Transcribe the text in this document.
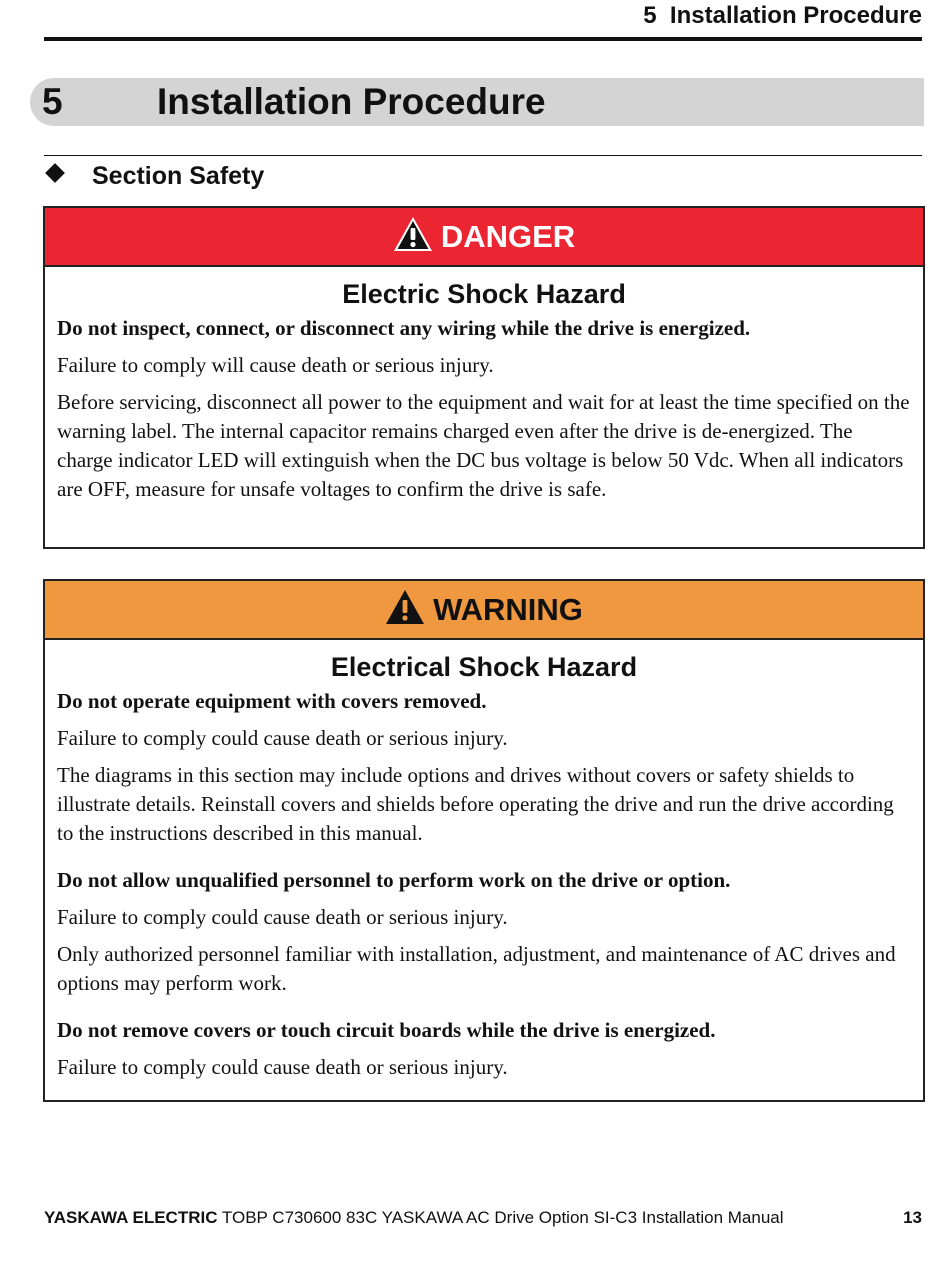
5  Installation Procedure
5	Installation Procedure
Section Safety
DANGER
Electric Shock Hazard

Do not inspect, connect, or disconnect any wiring while the drive is energized.

Failure to comply will cause death or serious injury.

Before servicing, disconnect all power to the equipment and wait for at least the time specified on the warning label. The internal capacitor remains charged even after the drive is de-energized. The charge indicator LED will extinguish when the DC bus voltage is below 50 Vdc. When all indicators are OFF, measure for unsafe voltages to confirm the drive is safe.

WARNING
Electrical Shock Hazard

Do not operate equipment with covers removed.

Failure to comply could cause death or serious injury.

The diagrams in this section may include options and drives without covers or safety shields to illustrate details. Reinstall covers and shields before operating the drive and run the drive according to the instructions described in this manual.

Do not allow unqualified personnel to perform work on the drive or option.

Failure to comply could cause death or serious injury.

Only authorized personnel familiar with installation, adjustment, and maintenance of AC drives and options may perform work.

Do not remove covers or touch circuit boards while the drive is energized.

Failure to comply could cause death or serious injury.

YASKAWA ELECTRIC TOBP C730600 83C YASKAWA AC Drive Option SI-C3 Installation Manual	13
